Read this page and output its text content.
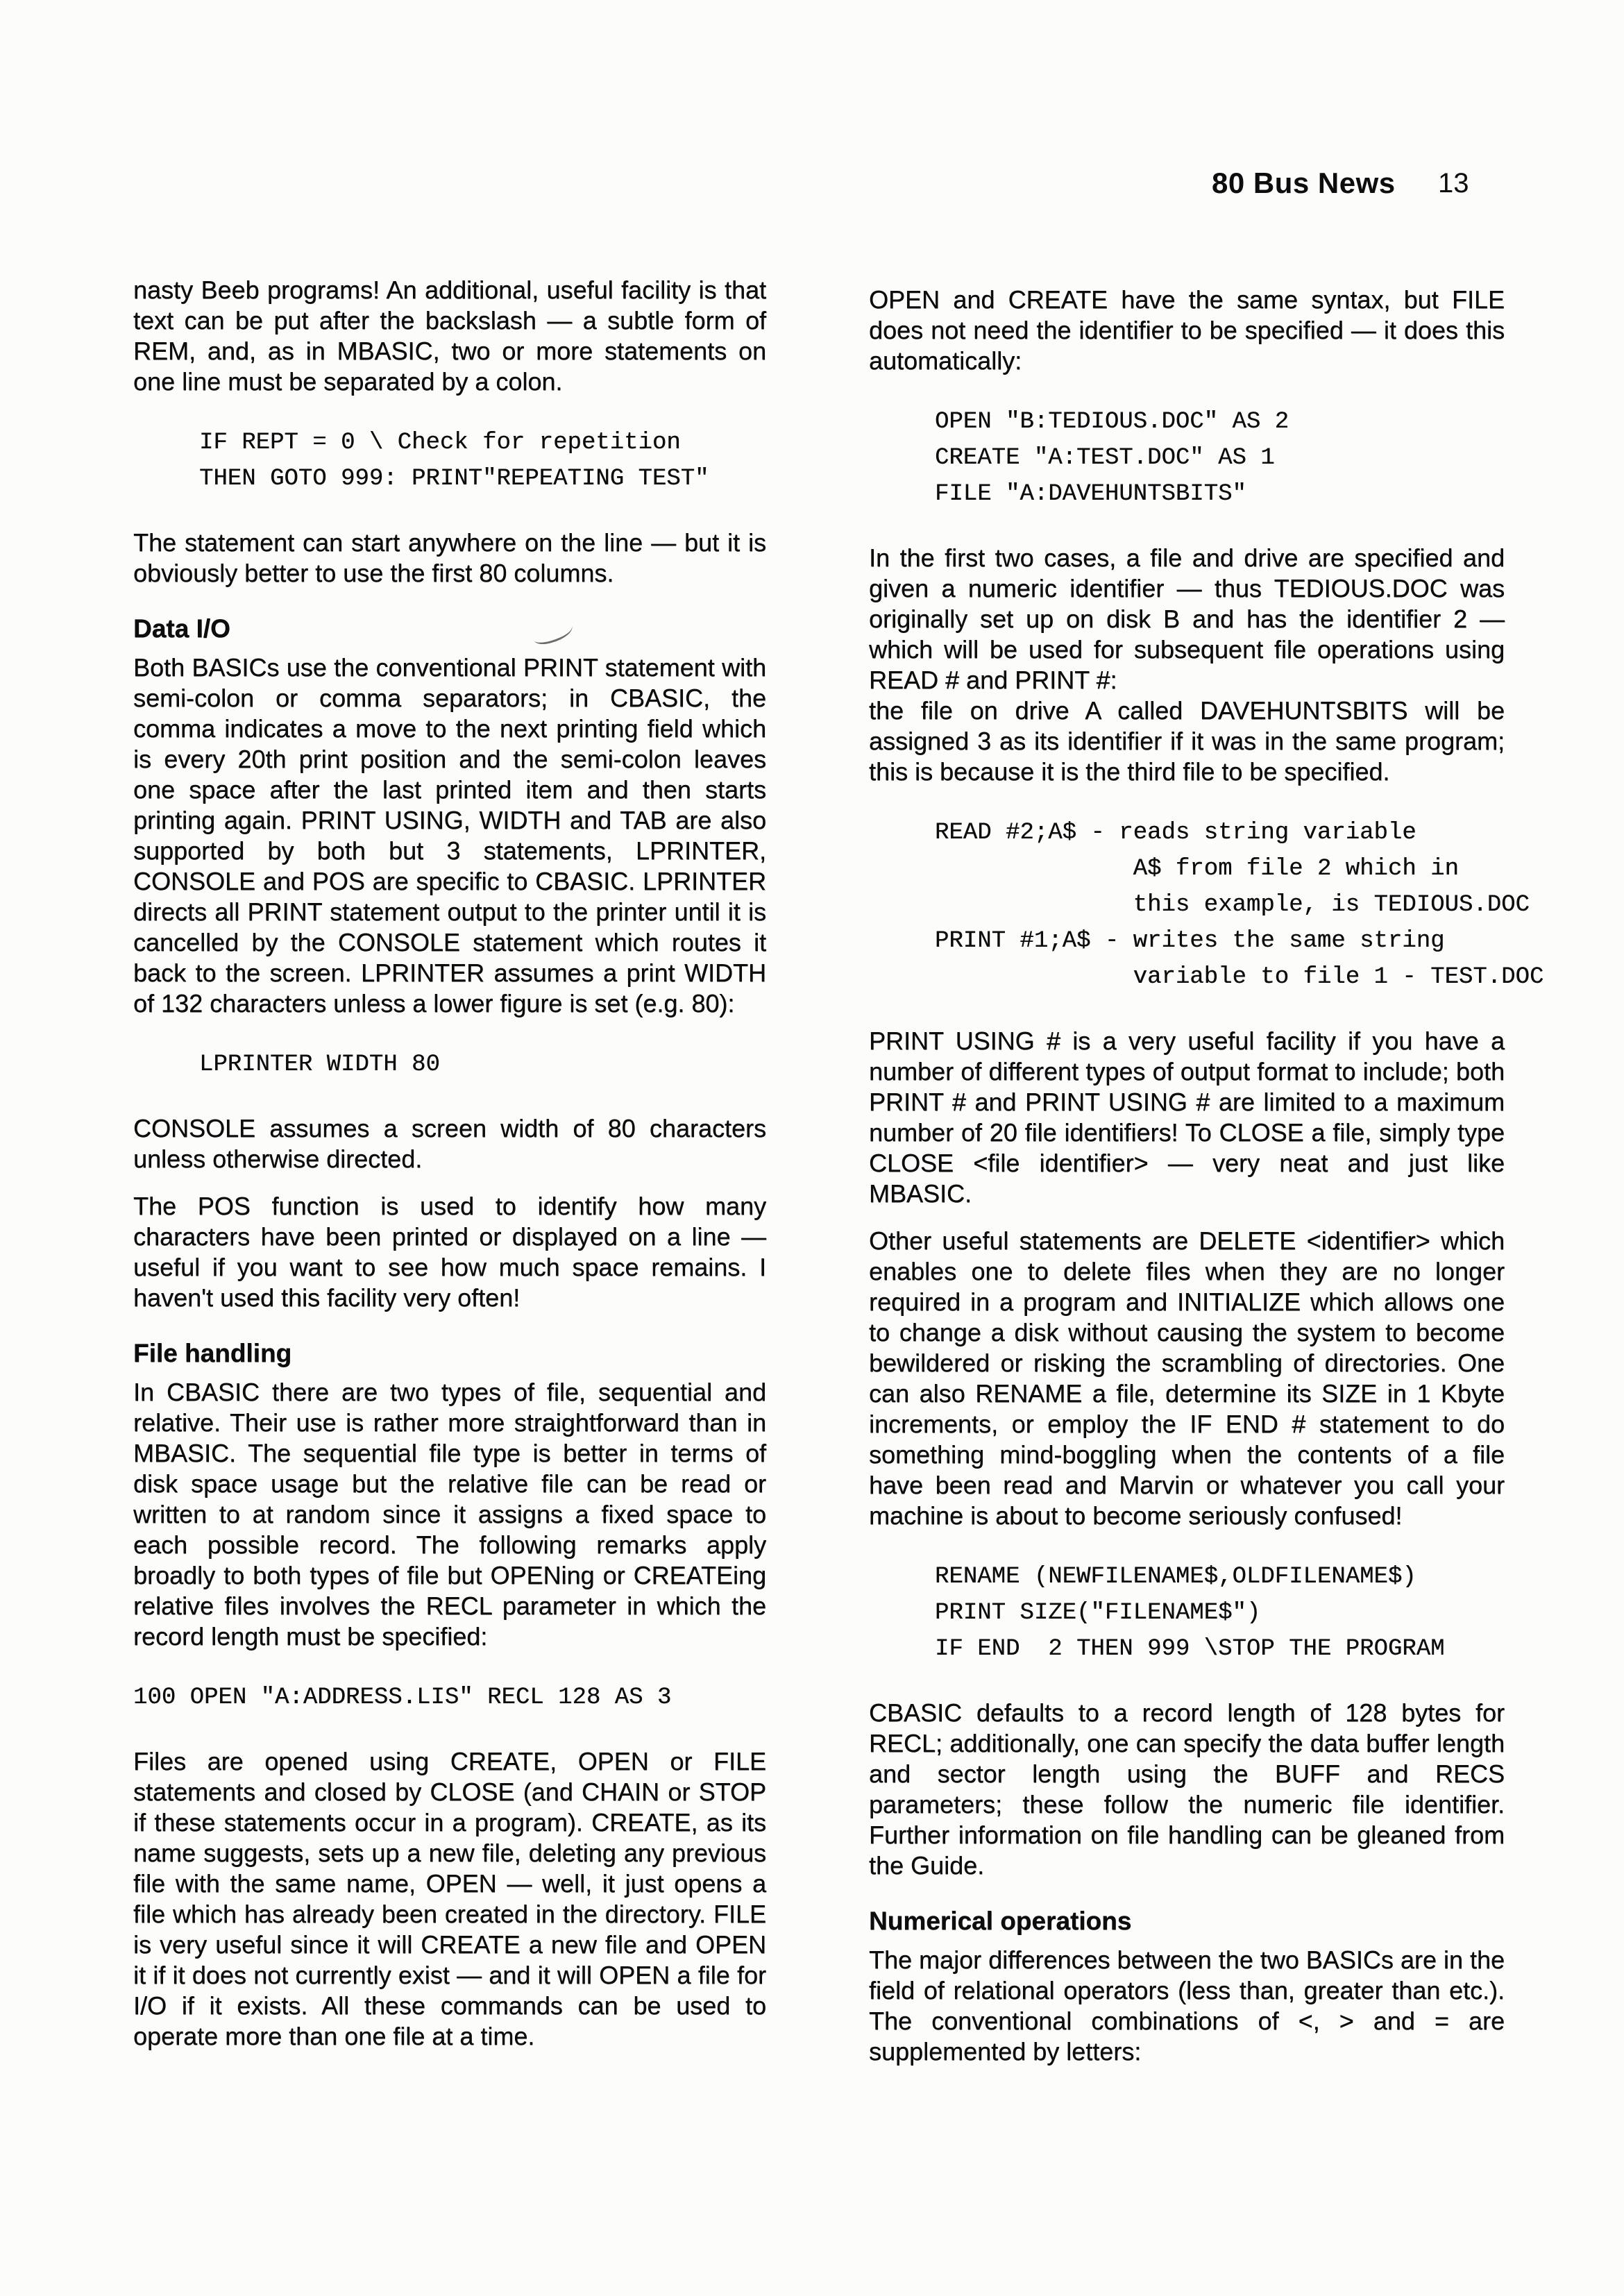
80 Bus News 13
nasty Beeb programs! An additional, useful facility is that text can be put after the backslash — a subtle form of REM, and, as in MBASIC, two or more statements on one line must be separated by a colon.
IF REPT = 0 \ Check for repetition
THEN GOTO 999: PRINT"REPEATING TEST"
The statement can start anywhere on the line — but it is obviously better to use the first 80 columns.
Data I/O
Both BASICs use the conventional PRINT statement with semi-colon or comma separators; in CBASIC, the comma indicates a move to the next printing field which is every 20th print position and the semi-colon leaves one space after the last printed item and then starts printing again. PRINT USING, WIDTH and TAB are also supported by both but 3 statements, LPRINTER, CONSOLE and POS are specific to CBASIC. LPRINTER directs all PRINT statement output to the printer until it is cancelled by the CONSOLE statement which routes it back to the screen. LPRINTER assumes a print WIDTH of 132 characters unless a lower figure is set (e.g. 80):
LPRINTER WIDTH 80
CONSOLE assumes a screen width of 80 characters unless otherwise directed.
The POS function is used to identify how many characters have been printed or displayed on a line — useful if you want to see how much space remains. I haven't used this facility very often!
File handling
In CBASIC there are two types of file, sequential and relative. Their use is rather more straightforward than in MBASIC. The sequential file type is better in terms of disk space usage but the relative file can be read or written to at random since it assigns a fixed space to each possible record. The following remarks apply broadly to both types of file but OPENing or CREATEing relative files involves the RECL parameter in which the record length must be specified:
100 OPEN "A:ADDRESS.LIS" RECL 128 AS 3
Files are opened using CREATE, OPEN or FILE statements and closed by CLOSE (and CHAIN or STOP if these statements occur in a program). CREATE, as its name suggests, sets up a new file, deleting any previous file with the same name, OPEN — well, it just opens a file which has already been created in the directory. FILE is very useful since it will CREATE a new file and OPEN it if it does not currently exist — and it will OPEN a file for I/O if it exists. All these commands can be used to operate more than one file at a time.
OPEN and CREATE have the same syntax, but FILE does not need the identifier to be specified — it does this automatically:
OPEN "B:TEDIOUS.DOC" AS 2
CREATE "A:TEST.DOC" AS 1
FILE "A:DAVEHUNTSBITS"
In the first two cases, a file and drive are specified and given a numeric identifier — thus TEDIOUS.DOC was originally set up on disk B and has the identifier 2 — which will be used for subsequent file operations using READ # and PRINT #:
the file on drive A called DAVEHUNTSBITS will be assigned 3 as its identifier if it was in the same program; this is because it is the third file to be specified.
READ #2;A$ - reads string variable
A$ from file 2 which in
this example, is TEDIOUS.DOC
PRINT #1;A$ - writes the same string
variable to file 1 - TEST.DOC
PRINT USING # is a very useful facility if you have a number of different types of output format to include; both PRINT # and PRINT USING # are limited to a maximum number of 20 file identifiers! To CLOSE a file, simply type CLOSE <file identifier> — very neat and just like MBASIC.
Other useful statements are DELETE <identifier> which enables one to delete files when they are no longer required in a program and INITIALIZE which allows one to change a disk without causing the system to become bewildered or risking the scrambling of directories. One can also RENAME a file, determine its SIZE in 1 Kbyte increments, or employ the IF END # statement to do something mind-boggling when the contents of a file have been read and Marvin or whatever you call your machine is about to become seriously confused!
RENAME (NEWFILENAME$,OLDFILENAME$)
PRINT SIZE("FILENAME$")
IF END  2 THEN 999 \STOP THE PROGRAM
CBASIC defaults to a record length of 128 bytes for RECL; additionally, one can specify the data buffer length and sector length using the BUFF and RECS parameters; these follow the numeric file identifier. Further information on file handling can be gleaned from the Guide.
Numerical operations
The major differences between the two BASICs are in the field of relational operators (less than, greater than etc.). The conventional combinations of <, > and = are supplemented by letters:
